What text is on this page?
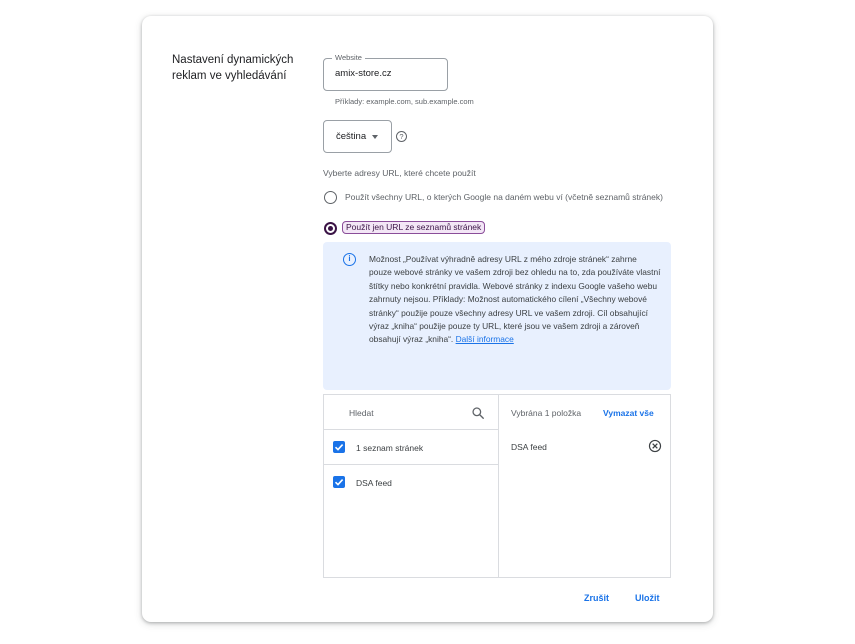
Nastavení dynamických reklam ve vyhledávání
Website
amix-store.cz
Příklady: example.com, sub.example.com
čeština	?
Vyberte adresy URL, které chcete použít
Použít všechny URL, o kterých Google na daném webu ví (včetně seznamů stránek)
Použít jen URL ze seznamů stránek
i	Možnost „Používat výhradně adresy URL z mého zdroje stránek“ zahrne pouze webové stránky ve vašem zdroji bez ohledu na to, zda používáte vlastní štítky nebo konkrétní pravidla. Webové stránky z indexu Google vašeho webu zahrnuty nejsou. Příklady: Možnost automatického cílení „Všechny webové stránky“ použije pouze všechny adresy URL ve vašem zdroji. Cíl obsahující výraz „kniha“ použije pouze ty URL, které jsou ve vašem zdroji a zároveň obsahují výraz „kniha“. Další informace
Hledat
1 seznam stránek
DSA feed
Vybrána 1 položka	Vymazat vše
DSA feed
Zrušit	Uložit
